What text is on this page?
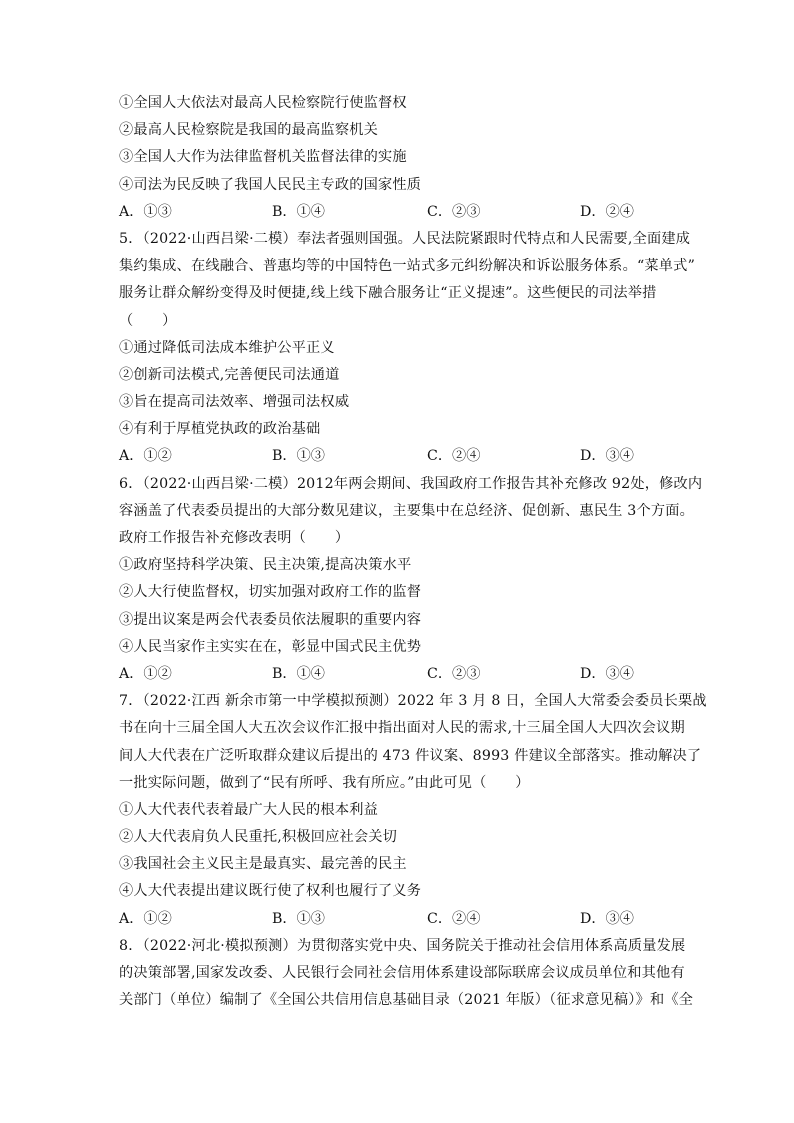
①全国人大依法对最高人民检察院行使监督权
②最高人民检察院是我国的最高监察机关
③全国人大作为法律监督机关监督法律的实施
④司法为民反映了我国人民民主专政的国家性质
A．①③	B．①④	C．②③	D．②④
5．（2022·山西吕梁·二模）奉法者强则国强。人民法院紧跟时代特点和人民需要,全面建成
集约集成、在线融合、普惠均等的中国特色一站式多元纠纷解决和诉讼服务体系。“菜单式”
服务让群众解纷变得及时便捷,线上线下融合服务让“正义提速”。这些便民的司法举措
（　　）
①通过降低司法成本维护公平正义
②创新司法模式,完善便民司法通道
③旨在提高司法效率、增强司法权威
④有利于厚植党执政的政治基础
A．①②	B．①③	C．②④	D．③④
6．（2022·山西吕梁·二模）2012年两会期间、我国政府工作报告其补充修改 92处，修改内
容涵盖了代表委员提出的大部分数见建议，主要集中在总经济、促创新、惠民生 3个方面。
政府工作报告补充修改表明（　　）
①政府坚持科学决策、民主决策,提高决策水平
②人大行使监督权，切实加强对政府工作的监督
③提出议案是两会代表委员依法履职的重要内容
④人民当家作主实实在在，彰显中国式民主优势
A．①②	B．①④	C．②③	D．③④
7．（2022·江西 新余市第一中学模拟预测）2022 年 3 月 8 日，全国人大常委会委员长栗战
书在向十三届全国人大五次会议作汇报中指出面对人民的需求,十三届全国人大四次会议期
间人大代表在广泛听取群众建议后提出的 473 件议案、8993 件建议全部落实。推动解决了
一批实际问题，做到了“民有所呼、我有所应。”由此可见（　　）
①人大代表代表着最广大人民的根本利益
②人大代表肩负人民重托,积极回应社会关切
③我国社会主义民主是最真实、最完善的民主
④人大代表提出建议既行使了权利也履行了义务
A．①②	B．①③	C．②④	D．③④
8．（2022·河北·模拟预测）为贯彻落实党中央、国务院关于推动社会信用体系高质量发展
的决策部署,国家发改委、人民银行会同社会信用体系建设部际联席会议成员单位和其他有
关部门（单位）编制了《全国公共信用信息基础目录（2021 年版）（征求意见稿）》和《全
